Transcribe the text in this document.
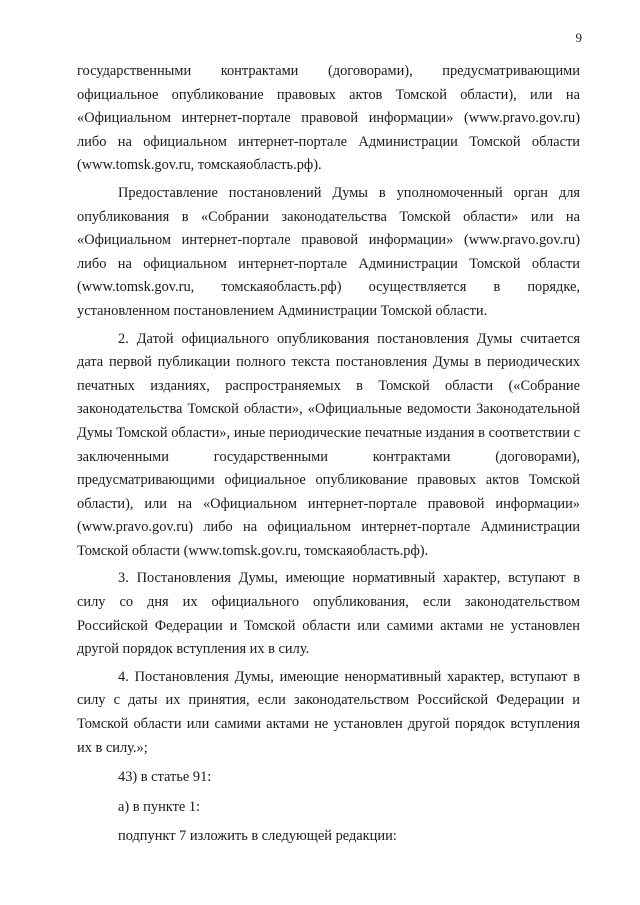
9

государственными контрактами (договорами), предусматривающими официальное опубликование правовых актов Томской области), или на «Официальном интернет-портале правовой информации» (www.pravo.gov.ru) либо на официальном интернет-портале Администрации Томской области (www.tomsk.gov.ru, томскаяобласть.рф).

Предоставление постановлений Думы в уполномоченный орган для опубликования в «Собрании законодательства Томской области» или на «Официальном интернет-портале правовой информации» (www.pravo.gov.ru) либо на официальном интернет-портале Администрации Томской области (www.tomsk.gov.ru, томскаяобласть.рф) осуществляется в порядке, установленном постановлением Администрации Томской области.

2. Датой официального опубликования постановления Думы считается дата первой публикации полного текста постановления Думы в периодических печатных изданиях, распространяемых в Томской области («Собрание законодательства Томской области», «Официальные ведомости Законодательной Думы Томской области», иные периодические печатные издания в соответствии с заключенными государственными контрактами (договорами), предусматривающими официальное опубликование правовых актов Томской области), или на «Официальном интернет-портале правовой информации» (www.pravo.gov.ru) либо на официальном интернет-портале Администрации Томской области (www.tomsk.gov.ru, томскаяобласть.рф).

3. Постановления Думы, имеющие нормативный характер, вступают в силу со дня их официального опубликования, если законодательством Российской Федерации и Томской области или самими актами не установлен другой порядок вступления их в силу.

4. Постановления Думы, имеющие ненормативный характер, вступают в силу с даты их принятия, если законодательством Российской Федерации и Томской области или самими актами не установлен другой порядок вступления их в силу.»;

43) в статье 91:

а) в пункте 1:

подпункт 7 изложить в следующей редакции:
